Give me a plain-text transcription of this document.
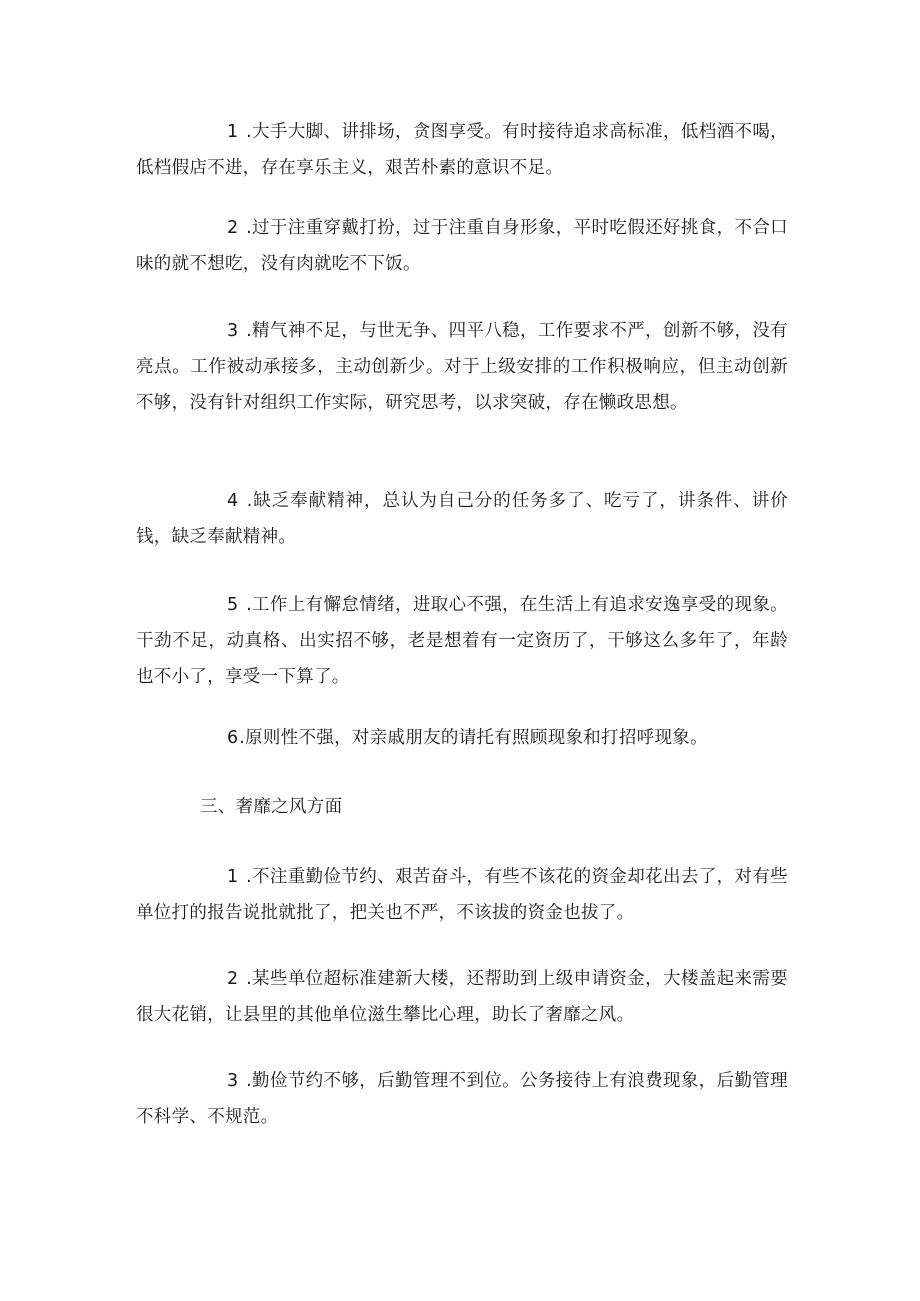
1 .大手大脚、讲排场，贪图享受。有时接待追求高标准，低档酒不喝，低档假店不进，存在享乐主义，艰苦朴素的意识不足。

2 .过于注重穿戴打扮，过于注重自身形象，平时吃假还好挑食，不合口味的就不想吃，没有肉就吃不下饭。

3 .精气神不足，与世无争、四平八稳，工作要求不严，创新不够，没有亮点。工作被动承接多，主动创新少。对于上级安排的工作积极响应，但主动创新不够，没有针对组织工作实际，研究思考，以求突破，存在懒政思想。

4 .缺乏奉献精神，总认为自己分的任务多了、吃亏了，讲条件、讲价钱，缺乏奉献精神。

5 .工作上有懈怠情绪，进取心不强，在生活上有追求安逸享受的现象。干劲不足，动真格、出实招不够，老是想着有一定资历了，干够这么多年了，年龄也不小了，享受一下算了。

6.原则性不强，对亲戚朋友的请托有照顾现象和打招呼现象。

三、奢靡之风方面

1 .不注重勤俭节约、艰苦奋斗，有些不该花的资金却花出去了，对有些单位打的报告说批就批了，把关也不严，不该拔的资金也拔了。

2 .某些单位超标准建新大楼，还帮助到上级申请资金，大楼盖起来需要很大花销，让县里的其他单位滋生攀比心理，助长了奢靡之风。

3 .勤俭节约不够，后勤管理不到位。公务接待上有浪费现象，后勤管理不科学、不规范。
